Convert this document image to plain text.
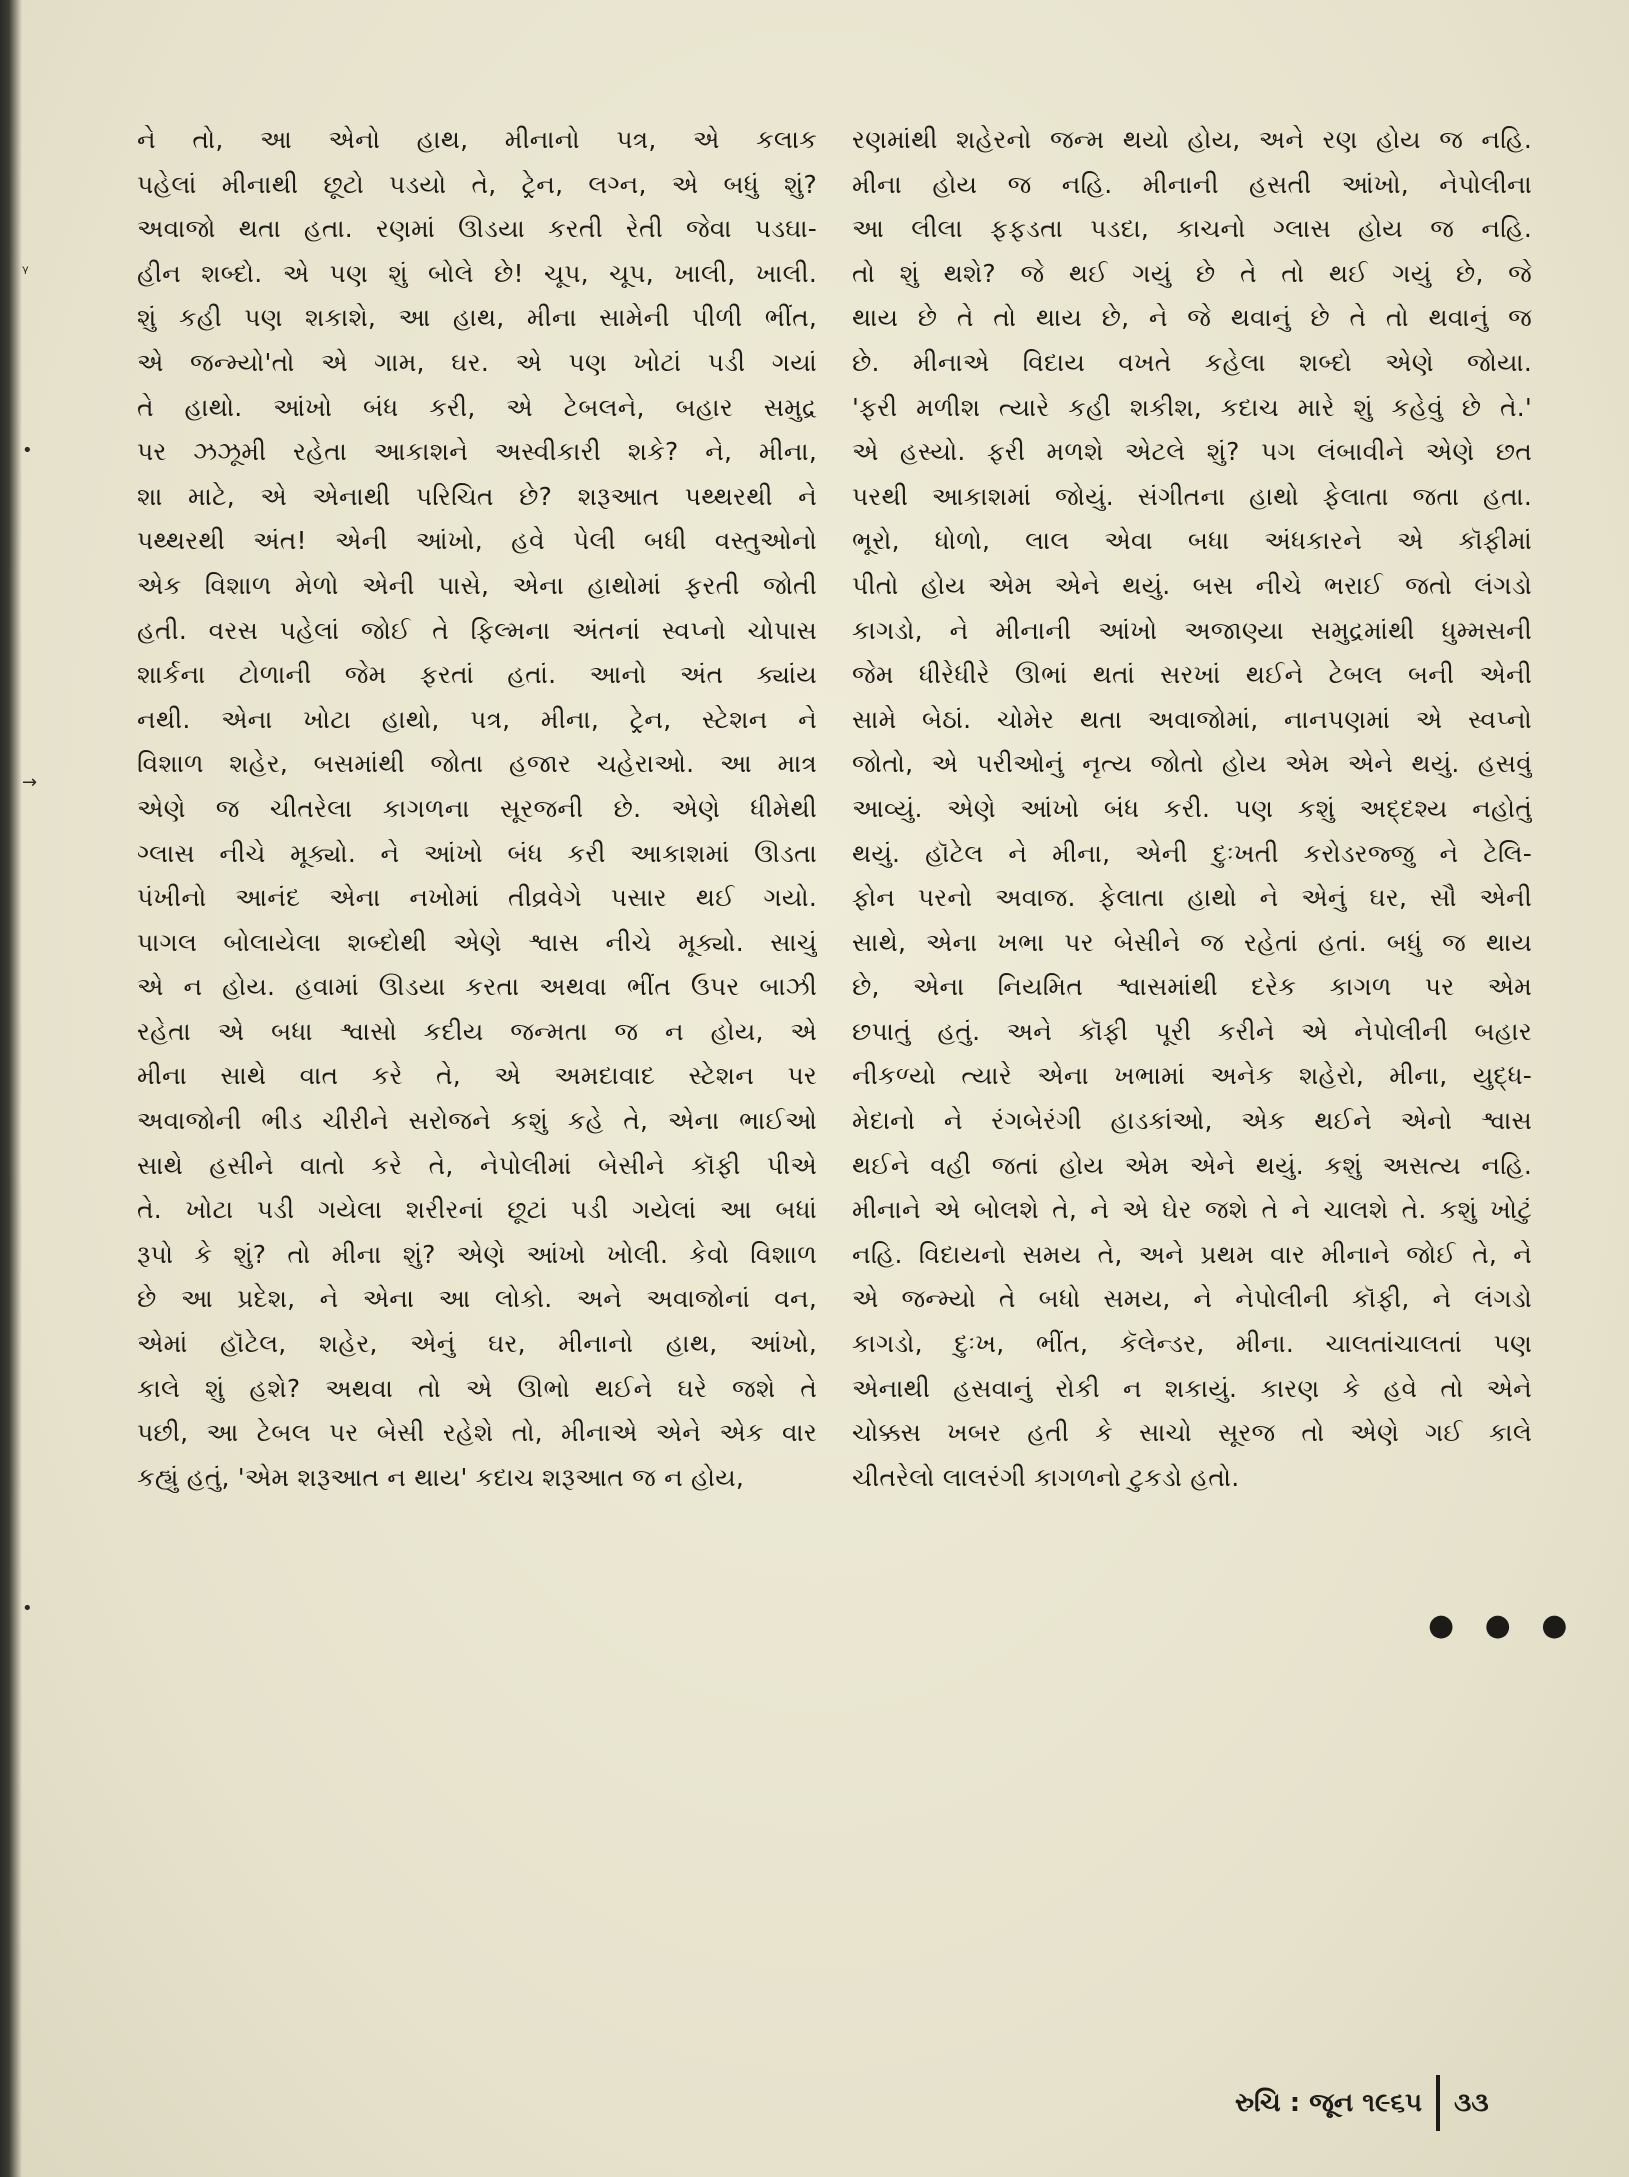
ᵞ
•
→
•
ને તો, આ એનો હાથ, મીનાનો પત્ર, એ કલાક
પહેલાં મીનાથી છૂટો પડયો તે, ટ્રેન, લગ્ન, એ બધું શું?
અવાજો થતા હતા. રણમાં ઊડયા કરતી રેતી જેવા પડઘા-
હીન શબ્દો. એ પણ શું બોલે છે! ચૂપ, ચૂપ, ખાલી, ખાલી.
શું કહી પણ શકાશે, આ હાથ, મીના સામેની પીળી ભીંત,
એ જન્મ્યો'તો એ ગામ, ઘર. એ પણ ખોટાં પડી ગયાં
તે હાથો. આંખો બંધ કરી, એ ટેબલને, બહાર સમુદ્ર
પર ઝઝૂમી રહેતા આકાશને અસ્વીકારી શકે? ને, મીના,
શા માટે, એ એનાથી પરિચિત છે? શરૂઆત પથ્થરથી ને
પથ્થરથી અંત! એની આંખો, હવે પેલી બધી વસ્તુઓનો
એક વિશાળ મેળો એની પાસે, એના હાથોમાં ફરતી જોતી
હતી. વરસ પહેલાં જોઈ તે ફિલ્મના અંતનાં સ્વપ્નો ચોપાસ
શાર્કના ટોળાની જેમ ફરતાં હતાં. આનો અંત ક્યાંય
નથી. એના ખોટા હાથો, પત્ર, મીના, ટ્રેન, સ્ટેશન ને
વિશાળ શહેર, બસમાંથી જોતા હજાર ચહેરાઓ. આ માત્ર
એણે જ ચીતરેલા કાગળના સૂરજની છે. એણે ધીમેથી
ગ્લાસ નીચે મૂક્યો. ને આંખો બંધ કરી આકાશમાં ઊડતા
પંખીનો આનંદ એના નખોમાં તીવ્રવેગે પસાર થઈ ગયો.
પાગલ બોલાયેલા શબ્દોથી એણે શ્વાસ નીચે મૂક્યો. સાચું
એ ન હોય. હવામાં ઊડયા કરતા અથવા ભીંત ઉપર બાઝી
રહેતા એ બધા શ્વાસો કદીય જન્મતા જ ન હોય, એ
મીના સાથે વાત કરે તે, એ અમદાવાદ સ્ટેશન પર
અવાજોની ભીડ ચીરીને સરોજને કશું કહે તે, એના ભાઈઓ
સાથે હસીને વાતો કરે તે, નેપોલીમાં બેસીને કૉફી પીએ
તે. ખોટા પડી ગયેલા શરીરનાં છૂટાં પડી ગયેલાં આ બધાં
રૂપો કે શું? તો મીના શું? એણે આંખો ખોલી. કેવો વિશાળ
છે આ પ્રદેશ, ને એના આ લોકો. અને અવાજોનાં વન,
એમાં હૉટેલ, શહેર, એનું ઘર, મીનાનો હાથ, આંખો,
કાલે શું હશે? અથવા તો એ ઊભો થઈને ઘરે જશે તે
પછી, આ ટેબલ પર બેસી રહેશે તો, મીનાએ એને એક વાર
કહ્યું હતું, 'એમ શરૂઆત ન થાય' કદાચ શરૂઆત જ ન હોય,
રણમાંથી શહેરનો જન્મ થયો હોય, અને રણ હોય જ નહિ.
મીના હોય જ નહિ. મીનાની હસતી આંખો, નેપોલીના
આ લીલા ફફડતા પડદા, કાચનો ગ્લાસ હોય જ નહિ.
તો શું થશે? જે થઈ ગયું છે તે તો થઈ ગયું છે, જે
થાય છે તે તો થાય છે, ને જે થવાનું છે તે તો થવાનું જ
છે. મીનાએ વિદાય વખતે કહેલા શબ્દો એણે જોયા.
'ફરી મળીશ ત્યારે કહી શકીશ, કદાચ મારે શું કહેવું છે તે.'
એ હસ્યો. ફરી મળશે એટલે શું? પગ લંબાવીને એણે છત
પરથી આકાશમાં જોયું. સંગીતના હાથો ફેલાતા જતા હતા.
ભૂરો, ધોળો, લાલ એવા બધા અંધકારને એ કૉફીમાં
પીતો હોય એમ એને થયું. બસ નીચે ભરાઈ જતો લંગડો
કાગડો, ને મીનાની આંખો અજાણ્યા સમુદ્રમાંથી ધુમ્મસની
જેમ ધીરેધીરે ઊભાં થતાં સરખાં થઈને ટેબલ બની એની
સામે બેઠાં. ચોમેર થતા અવાજોમાં, નાનપણમાં એ સ્વપ્નો
જોતો, એ પરીઓનું નૃત્ય જોતો હોય એમ એને થયું. હસવું
આવ્યું. એણે આંખો બંધ કરી. પણ કશું અદ્દશ્ય નહોતું
થયું. હૉટેલ ને મીના, એની દુઃખતી કરોડરજ્જુ ને ટેલિ-
ફોન પરનો અવાજ. ફેલાતા હાથો ને એનું ઘર, સૌ એની
સાથે, એના ખભા પર બેસીને જ રહેતાં હતાં. બધું જ થાય
છે, એના નિયમિત શ્વાસમાંથી દરેક કાગળ પર એમ
છપાતું હતું. અને કૉફી પૂરી કરીને એ નેપોલીની બહાર
નીકળ્યો ત્યારે એના ખભામાં અનેક શહેરો, મીના, યુદ્ધ-
મેદાનો ને રંગબેરંગી હાડકાંઓ, એક થઈને એનો શ્વાસ
થઈને વહી જતાં હોય એમ એને થયું. કશું અસત્ય નહિ.
મીનાને એ બોલશે તે, ને એ ઘેર જશે તે ને ચાલશે તે. કશું ખોટું
નહિ. વિદાયનો સમય તે, અને પ્રથમ વાર મીનાને જોઈ તે, ને
એ જન્મ્યો તે બધો સમય, ને નેપોલીની કૉફી, ને લંગડો
કાગડો, દુઃખ, ભીંત, કૅલેન્ડર, મીના. ચાલતાંચાલતાં પણ
એનાથી હસવાનું રોકી ન શકાયું. કારણ કે હવે તો એને
ચોક્કસ ખબર હતી કે સાચો સૂરજ તો એણે ગઈ કાલે
ચીતરેલો લાલરંગી કાગળનો ટુકડો હતો.
● ● ●
રુચિ : જૂન ૧૯૬૫ ૩૩
